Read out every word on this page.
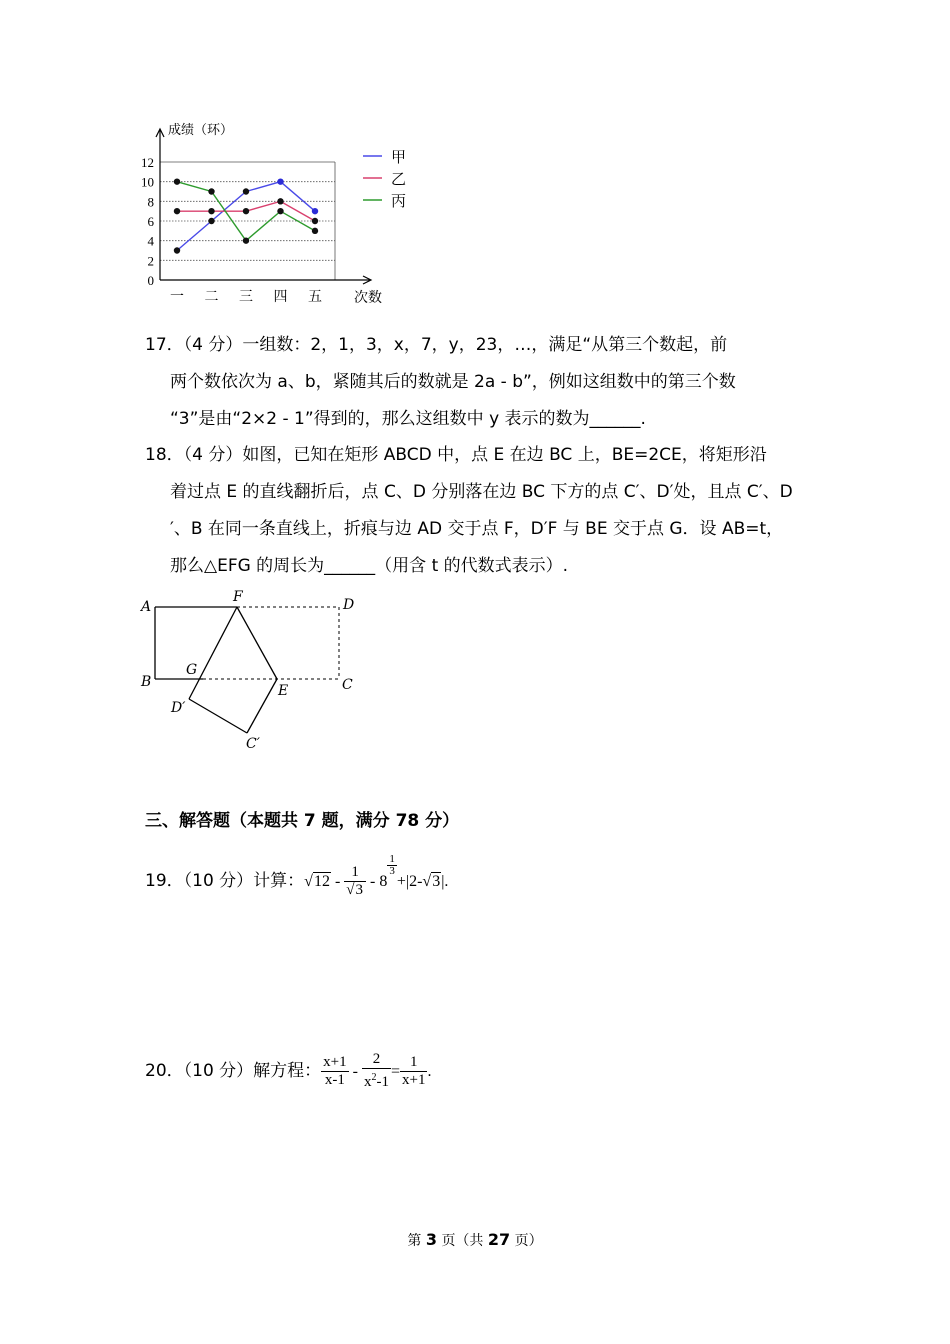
0
2
4
6
8
10
12
一 二 三 四 五
成绩（环）
次数
甲
乙
丙
17．（4 分）一组数：2，1，3，x，7，y，23，…，满足“从第三个数起，前
两个数依次为 a、b，紧随其后的数就是 2a - b”，例如这组数中的第三个数
“3”是由“2×2 - 1”得到的，那么这组数中 y 表示的数为______.
18．（4 分）如图，已知在矩形 ABCD 中，点 E 在边 BC 上，BE=2CE，将矩形沿
着过点 E 的直线翻折后，点 C、D 分别落在边 BC 下方的点 C′、D′处，且点 C′、D
′、B 在同一条直线上，折痕与边 AD 交于点 F，D′F 与 BE 交于点 G．设 AB=t，
那么△EFG 的周长为______（用含 t 的代数式表示）.
A
F	D
B
G
E	C
D′
C′
三、解答题（本题共 7 题，满分 78 分）
19．（10 分）计算：$√12 - \frac{1}{√3} - 8$
$\frac{1}{3}$
+|2-√3|.
20．（10 分）解方程： $\frac{x+1}{x-1} - \frac{2}{x^2-1} = \frac{1}{x+1}$ .
第 3 页（共 27 页）
